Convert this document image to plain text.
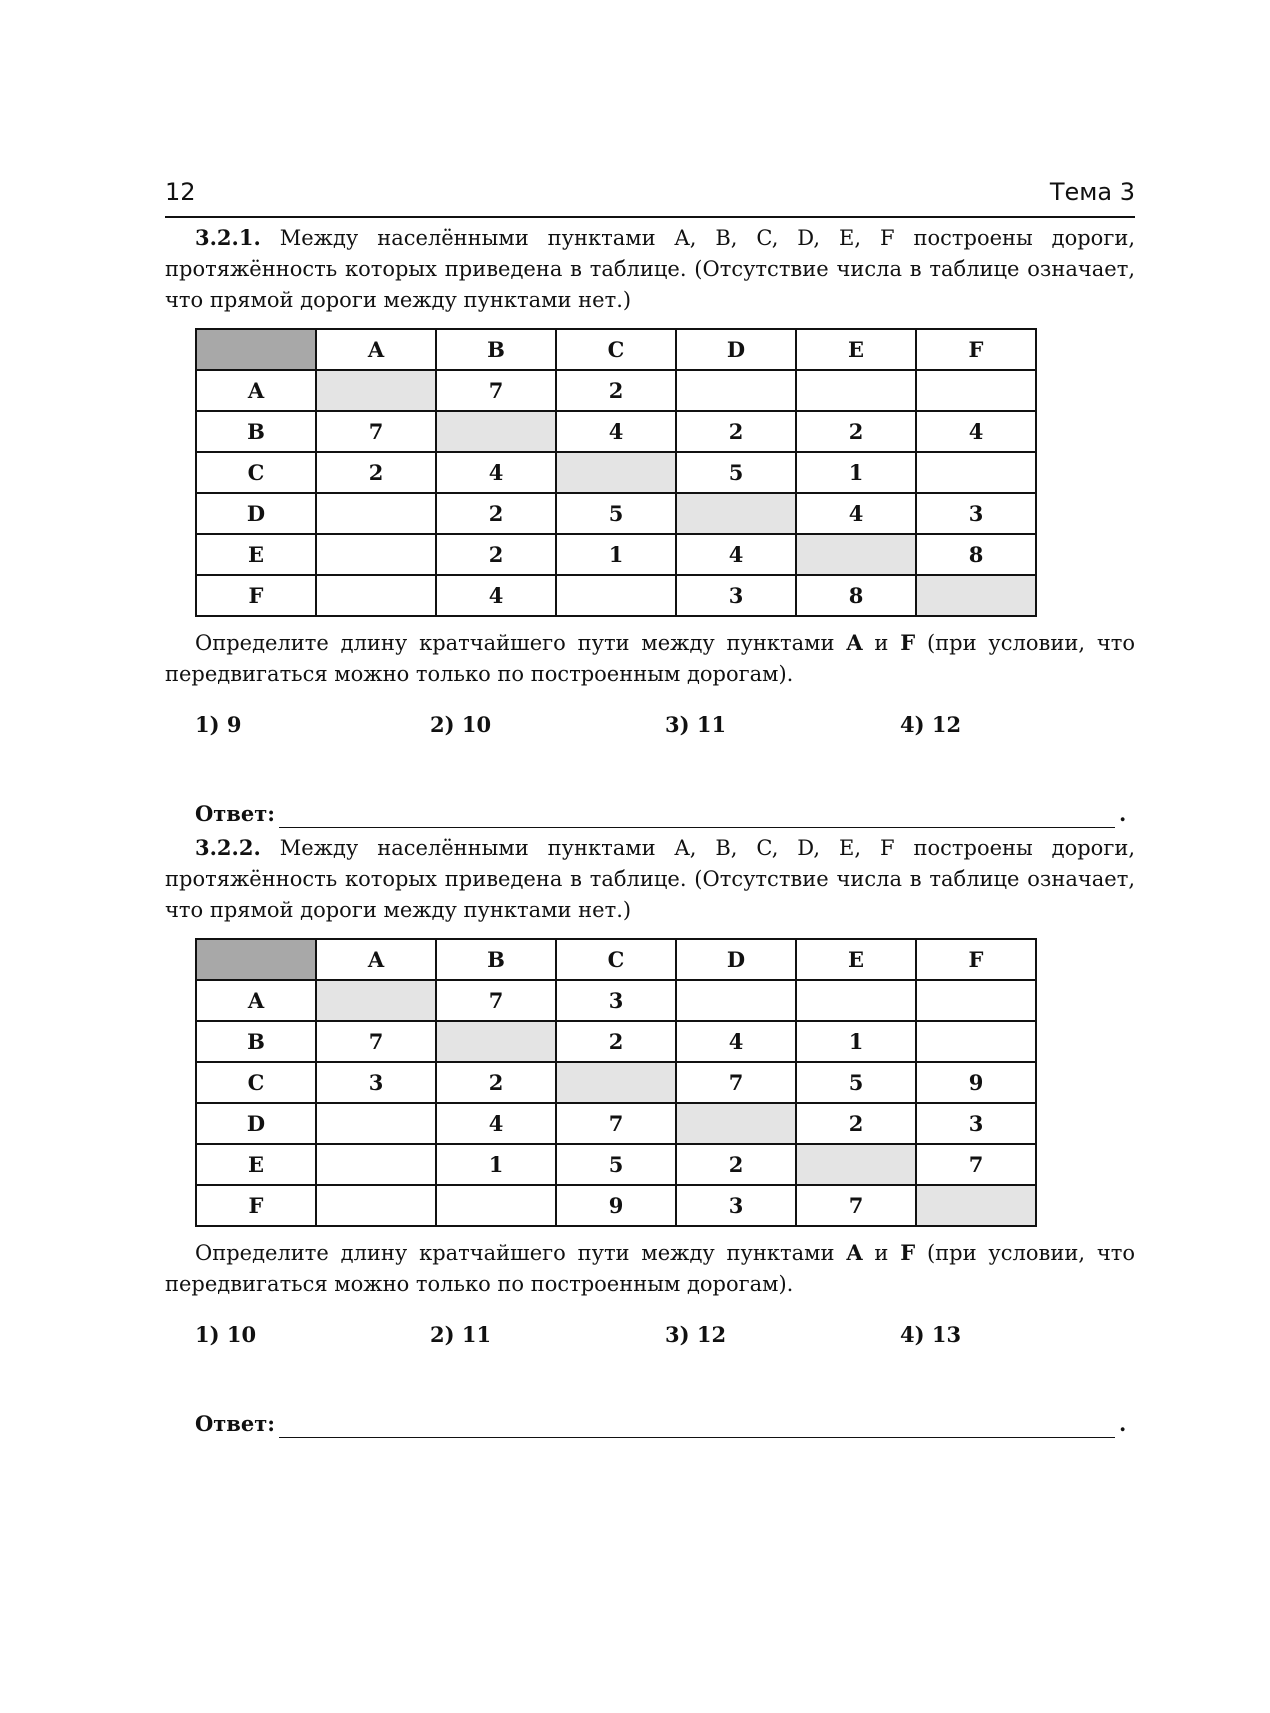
12	Тема 3

3.2.1. Между населёнными пунктами A, B, C, D, E, F построены дороги, протяжённость которых приведена в таблице. (Отсутствие числа в таблице означает, что прямой дороги между пунктами нет.)

	A	B	C	D	E	F
A		7	2			
B	7		4	2	2	4
C	2	4		5	1	
D		2	5		4	3
E		2	1	4		8
F		4		3	8	

Определите длину кратчайшего пути между пунктами A и F (при условии, что передвигаться можно только по построенным дорогам).

1) 9	2) 10	3) 11	4) 12
Ответ:	.

3.2.2. Между населёнными пунктами A, B, C, D, E, F построены дороги, протяжённость которых приведена в таблице. (Отсутствие числа в таблице означает, что прямой дороги между пунктами нет.)

	A	B	C	D	E	F
A		7	3			
B	7		2	4	1	
C	3	2		7	5	9
D		4	7		2	3
E		1	5	2		7
F			9	3	7	

Определите длину кратчайшего пути между пунктами A и F (при условии, что передвигаться можно только по построенным дорогам).

1) 10	2) 11	3) 12	4) 13
Ответ:	.
